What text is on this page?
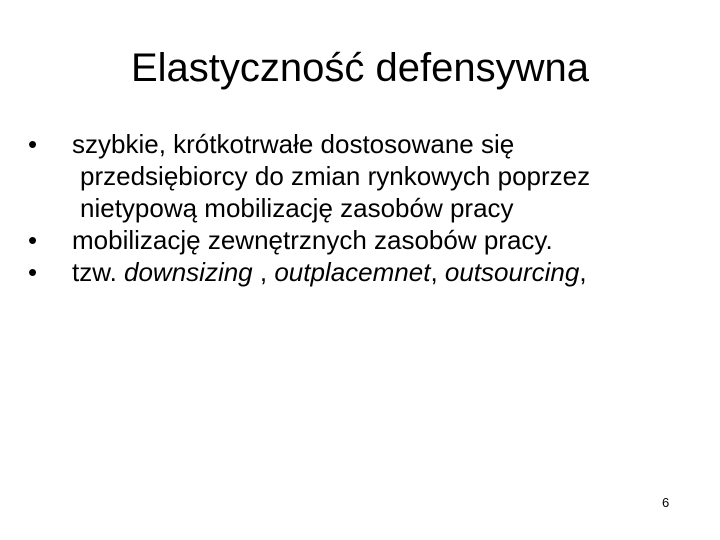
Elastyczność defensywna
•	szybkie, krótkotrwałe dostosowane się przedsiębiorcy do zmian rynkowych poprzez nietypową mobilizację zasobów pracy
•	mobilizację zewnętrznych zasobów pracy.
•	tzw. downsizing , outplacemnet, outsourcing,
6
